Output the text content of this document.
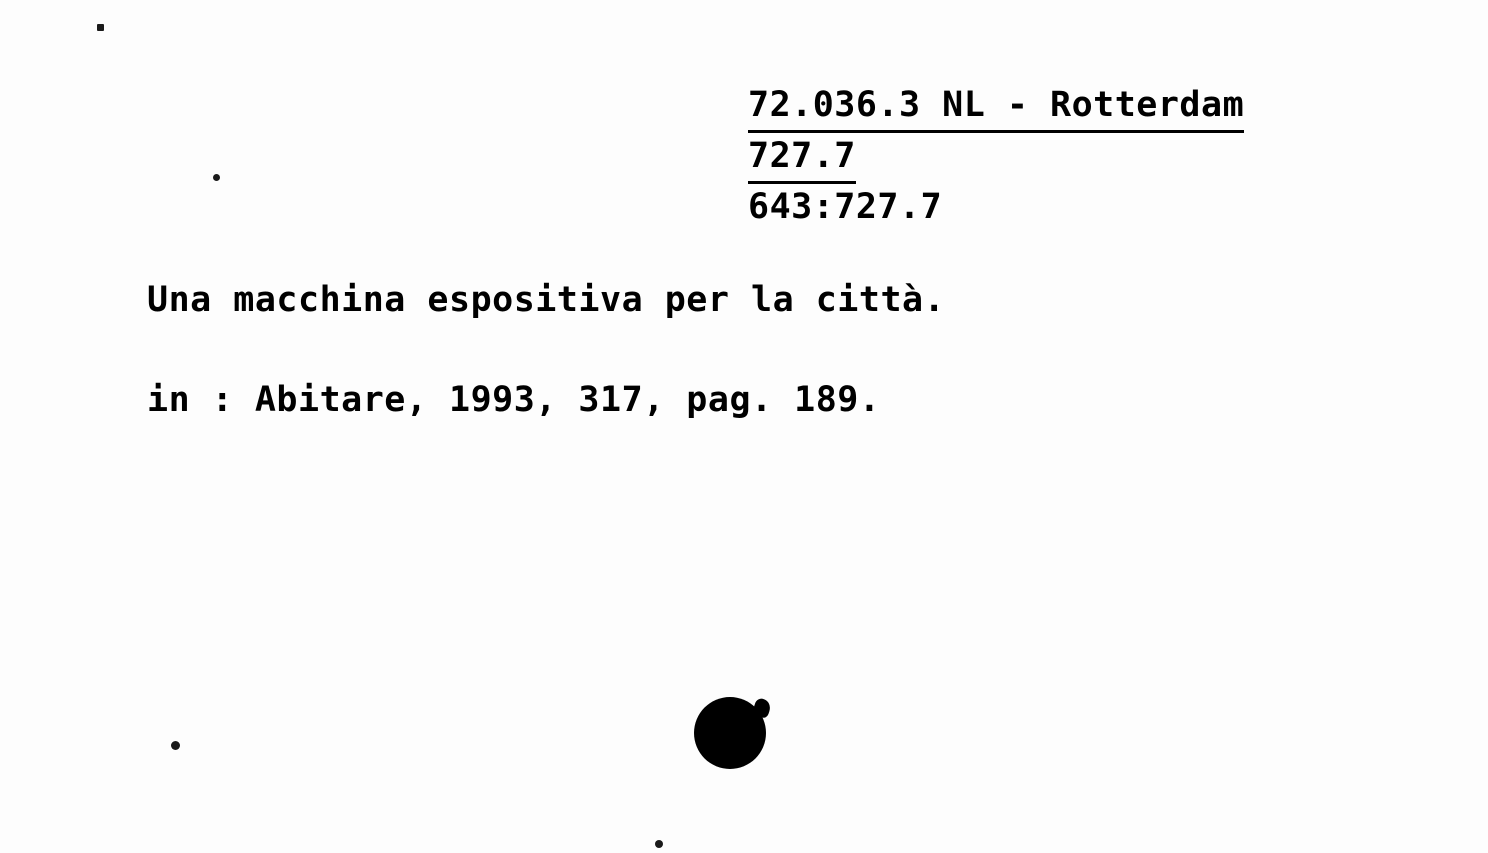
72.036.3 NL - Rotterdam
727.7
643:727.7
Una macchina espositiva per la città.
in : Abitare, 1993, 317, pag. 189.
